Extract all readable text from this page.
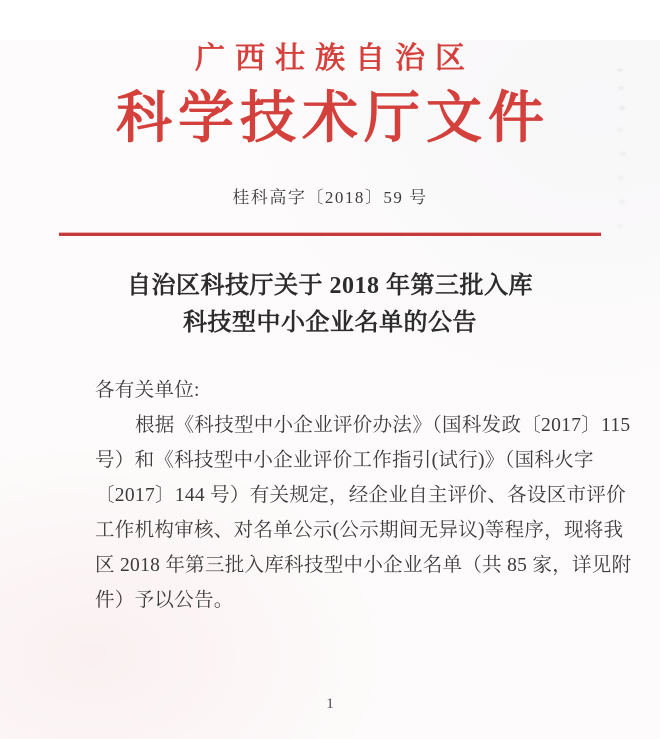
广西壮族自治区
科学技术厅文件
桂科高字〔2018〕59 号
自治区科技厅关于 2018 年第三批入库
科技型中小企业名单的公告

各有关单位:

根据《科技型中小企业评价办法》（国科发政〔2017〕115

号）和《科技型中小企业评价工作指引(试行)》（国科火字

〔2017〕144 号）有关规定，经企业自主评价、各设区市评价

工作机构审核、对名单公示(公示期间无异议)等程序，现将我

区 2018 年第三批入库科技型中小企业名单（共 85 家，详见附

件）予以公告。

1
